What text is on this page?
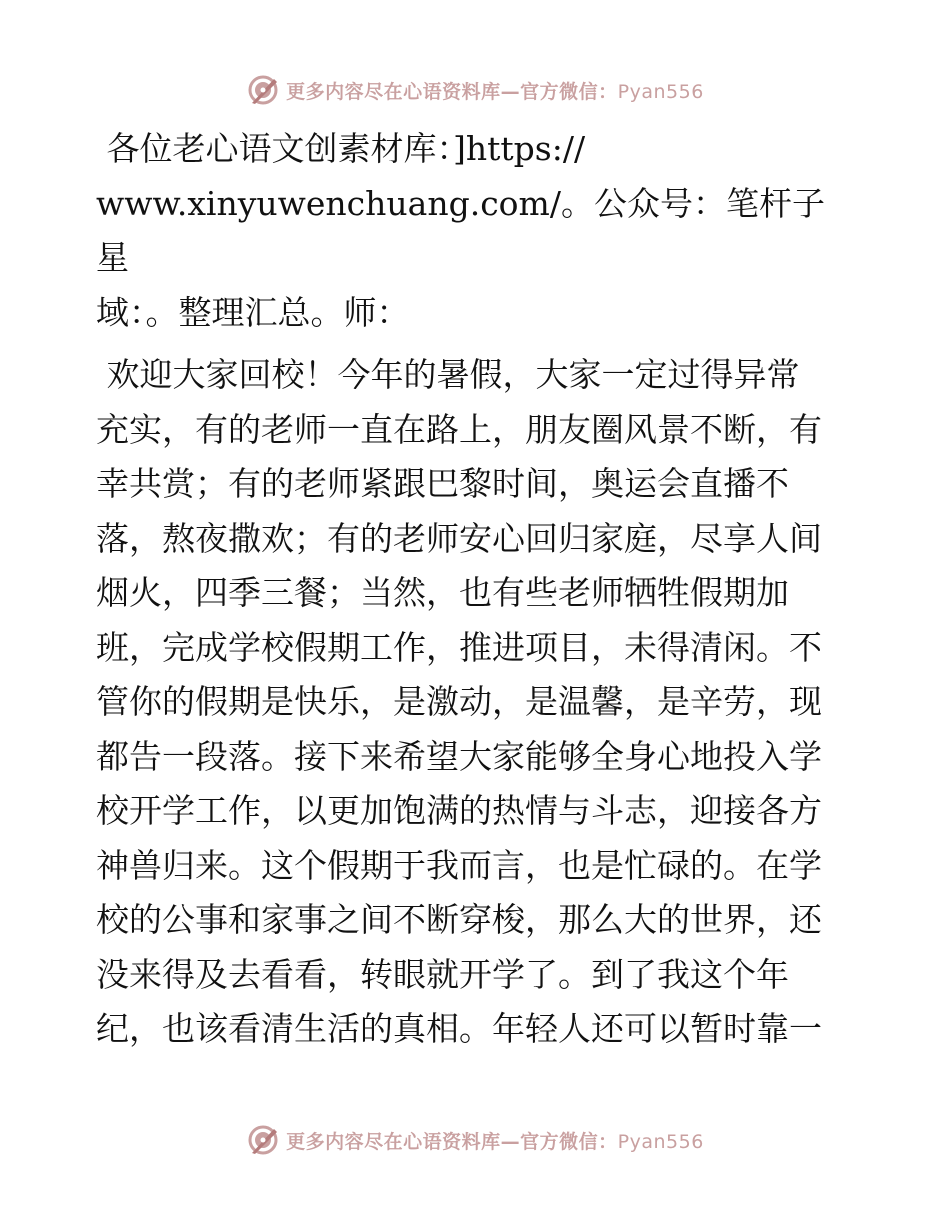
更多内容尽在心语资料库—官方微信：Pyan556

各位老心语文创素材库：]https://
www.xinyuwenchuang.com/。公众号：笔杆子星
域：。整理汇总。师：

欢迎大家回校！今年的暑假，大家一定过得异常
充实，有的老师一直在路上，朋友圈风景不断，有
幸共赏；有的老师紧跟巴黎时间，奥运会直播不
落，熬夜撒欢；有的老师安心回归家庭，尽享人间
烟火，四季三餐；当然，也有些老师牺牲假期加
班，完成学校假期工作，推进项目，未得清闲。不
管你的假期是快乐，是激动，是温馨，是辛劳，现
都告一段落。接下来希望大家能够全身心地投入学
校开学工作，以更加饱满的热情与斗志，迎接各方
神兽归来。这个假期于我而言，也是忙碌的。在学
校的公事和家事之间不断穿梭，那么大的世界，还
没来得及去看看，转眼就开学了。到了我这个年
纪，也该看清生活的真相。年轻人还可以暂时靠一

更多内容尽在心语资料库—官方微信：Pyan556
